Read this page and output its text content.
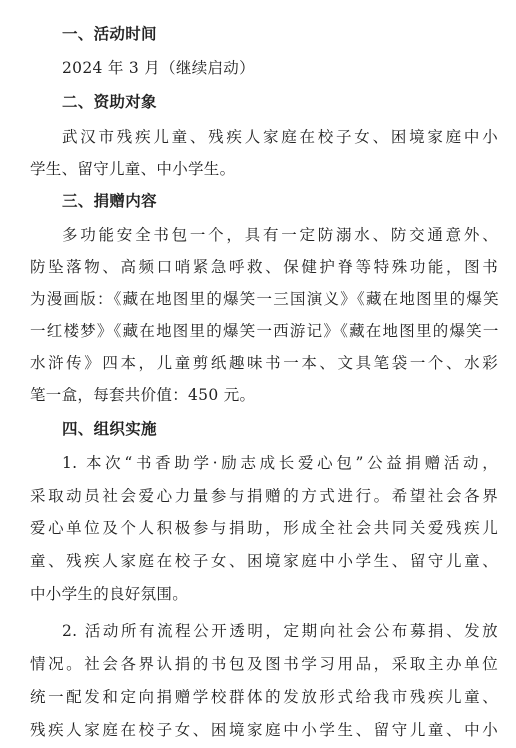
一、活动时间
2024 年 3 月（继续启动）
二、资助对象
武汉市残疾儿童、残疾人家庭在校子女、困境家庭中小
学生、留守儿童、中小学生。
三、捐赠内容
多功能安全书包一个，具有一定防溺水、防交通意外、
防坠落物、高频口哨紧急呼救、保健护脊等特殊功能，图书
为漫画版：《藏在地图里的爆笑一三国演义》《藏在地图里的爆笑
一红楼梦》《藏在地图里的爆笑一西游记》《藏在地图里的爆笑一
水浒传》四本，儿童剪纸趣味书一本、文具笔袋一个、水彩
笔一盒，每套共价值：450 元。
四、组织实施
1. 本次“书香助学·励志成长爱心包”公益捐赠活动，
采取动员社会爱心力量参与捐赠的方式进行。希望社会各界
爱心单位及个人积极参与捐助，形成全社会共同关爱残疾儿
童、残疾人家庭在校子女、困境家庭中小学生、留守儿童、
中小学生的良好氛围。
2. 活动所有流程公开透明，定期向社会公布募捐、发放
情况。社会各界认捐的书包及图书学习用品，采取主办单位
统一配发和定向捐赠学校群体的发放形式给我市残疾儿童、
残疾人家庭在校子女、困境家庭中小学生、留守儿童、中小
